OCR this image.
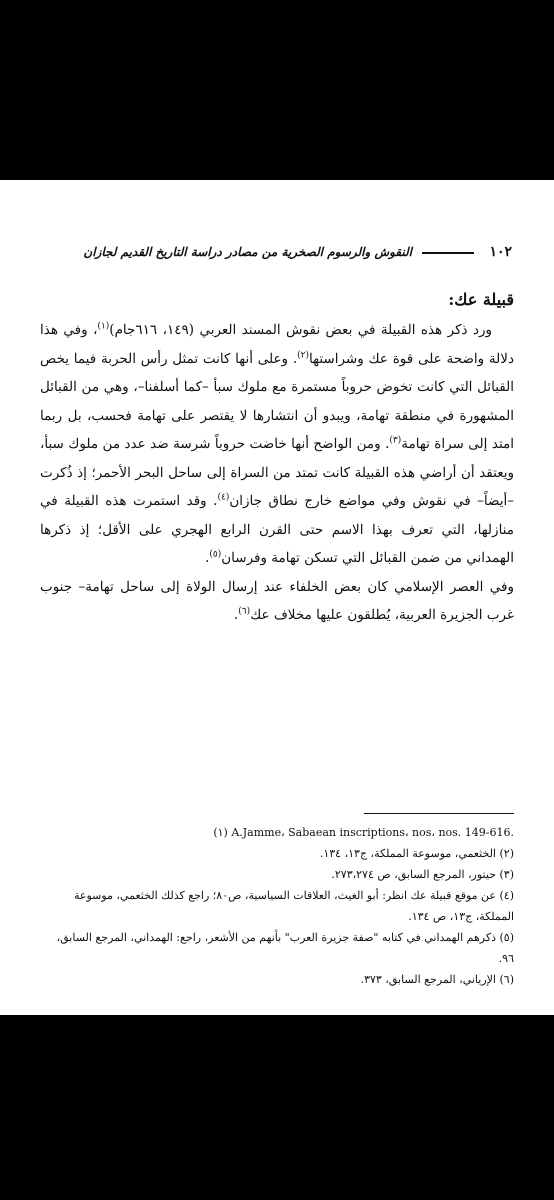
١٠٢
النقوش والرسوم الصخرية من مصادر دراسة التاريخ القديم لجازان
قبيلة عك:

ورد ذكر هذه القبيلة في بعض نقوش المسند العربي (١٤٩، ٦١٦جام)$^{(١)}$، وفي هذا دلالة واضحة على قوة عك وشراستها$^{(٢)}$. وعلى أنها كانت تمثل رأس الحربة فيما يخص القبائل التي كانت تخوض حروباً مستمرة مع ملوك سبأ –كما أسلفنا–، وهي من القبائل المشهورة في منطقة تهامة، ويبدو أن انتشارها لا يقتصر على تهامة فحسب، بل ربما امتد إلى سراة تهامة$^{(٣)}$. ومن الواضح أنها خاضت حروباً شرسة ضد عدد من ملوك سبأ، ويعتقد أن أراضي هذه القبيلة كانت تمتد من السراة إلى ساحل البحر الأحمر؛ إذ ذُكرت –أيضاً– في نقوش وفي مواضع خارج نطاق جازان$^{(٤)}$. وقد استمرت هذه القبيلة في منازلها، التي تعرف بهذا الاسم حتى القرن الرابع الهجري على الأقل؛ إذ ذكرها الهمداني من ضمن القبائل التي تسكن تهامة وفرسان$^{(٥)}$.

وفي العصر الإسلامي كان بعض الخلفاء عند إرسال الولاة إلى ساحل تهامة– جنوب غرب الجزيرة العربية، يُطلقون عليها مخلاف عك$^{(٦)}$.

(١) A.Jamme، Sabaean inscriptions، nos، nos. 149-616.

(٢) الخثعمي، موسوعة المملكة، ج١٣، ١٣٤.

(٣) حيتور، المرجع السابق، ص ٢٧٣،٢٧٤.

(٤) عن موقع قبيلة عك انظر: أبو الغيث، العلاقات السياسية، ص٨٠؛ راجع كذلك الخثعمي، موسوعة المملكة، ج١٣، ص ١٣٤.

(٥) ذكرهم الهمداني في كتابه "صفة جزيرة العرب" بأنهم من الأشعر، راجع: الهمداني، المرجع السابق، ٩٦.

(٦) الإرياني، المرجع السابق، ٣٧٣.
